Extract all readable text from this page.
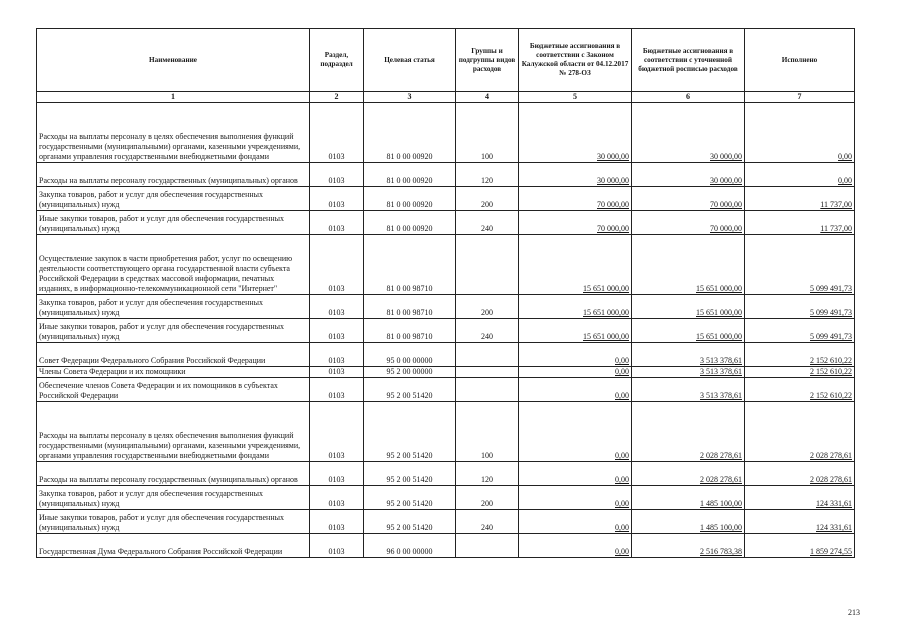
Наименование	Раздел, подраздел	Целевая статья	Группы и подгруппы видов расходов	Бюджетные ассигнования в соответствии с Законом Калужской области от 04.12.2017 № 278-ОЗ	Бюджетные ассигнования в соответствии с уточненной бюджетной росписью расходов	Исполнено
1	2	3	4	5	6	7
Расходы на выплаты персоналу в целях обеспечения выполнения функций государственными (муниципальными) органами, казенными учреждениями, органами управления государственными внебюджетными фондами	0103	81 0 00 00920	100	30 000,00	30 000,00	0,00
Расходы на выплаты персоналу государственных (муниципальных) органов	0103	81 0 00 00920	120	30 000,00	30 000,00	0,00
Закупка товаров, работ и услуг для обеспечения государственных (муниципальных) нужд	0103	81 0 00 00920	200	70 000,00	70 000,00	11 737,00
Иные закупки товаров, работ и услуг для обеспечения государственных (муниципальных) нужд	0103	81 0 00 00920	240	70 000,00	70 000,00	11 737,00
Осуществление закупок в части приобретения работ, услуг по освещению деятельности соответствующего органа государственной власти субъекта Российской Федерации в средствах массовой информации, печатных изданиях, в информационно-телекоммуникационной сети "Интернет"	0103	81 0 00 98710		15 651 000,00	15 651 000,00	5 099 491,73
Закупка товаров, работ и услуг для обеспечения государственных (муниципальных) нужд	0103	81 0 00 98710	200	15 651 000,00	15 651 000,00	5 099 491,73
Иные закупки товаров, работ и услуг для обеспечения государственных (муниципальных) нужд	0103	81 0 00 98710	240	15 651 000,00	15 651 000,00	5 099 491,73
Совет Федерации Федерального Собрания Российской Федерации	0103	95 0 00 00000		0,00	3 513 378,61	2 152 610,22
Члены Совета Федерации и их помощники	0103	95 2 00 00000		0,00	3 513 378,61	2 152 610,22
Обеспечение членов Совета Федерации и их помощников в субъектах Российской Федерации	0103	95 2 00 51420		0,00	3 513 378,61	2 152 610,22
Расходы на выплаты персоналу в целях обеспечения выполнения функций государственными (муниципальными) органами, казенными учреждениями, органами управления государственными внебюджетными фондами	0103	95 2 00 51420	100	0,00	2 028 278,61	2 028 278,61
Расходы на выплаты персоналу государственных (муниципальных) органов	0103	95 2 00 51420	120	0,00	2 028 278,61	2 028 278,61
Закупка товаров, работ и услуг для обеспечения государственных (муниципальных) нужд	0103	95 2 00 51420	200	0,00	1 485 100,00	124 331,61
Иные закупки товаров, работ и услуг для обеспечения государственных (муниципальных) нужд	0103	95 2 00 51420	240	0,00	1 485 100,00	124 331,61
Государственная Дума Федерального Собрания Российской Федерации	0103	96 0 00 00000		0,00	2 516 783,38	1 859 274,55
213
